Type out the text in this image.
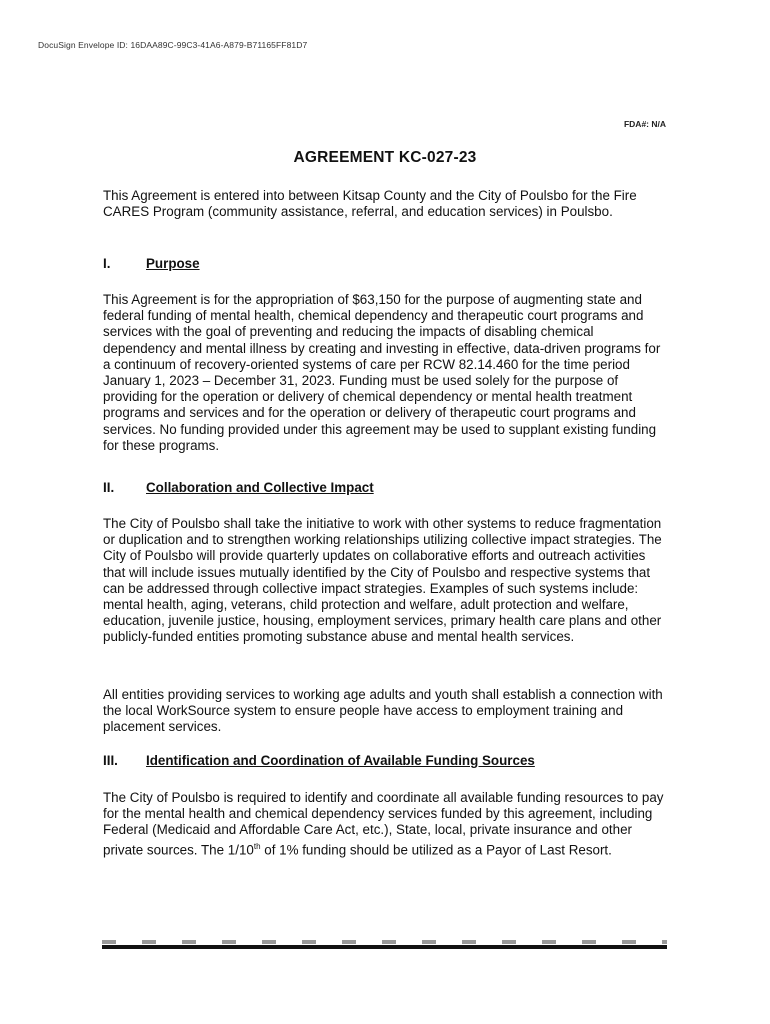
DocuSign Envelope ID: 16DAA89C-99C3-41A6-A879-B71165FF81D7
FDA#: N/A
AGREEMENT KC-027-23

This Agreement is entered into between Kitsap County and the City of Poulsbo for the Fire CARES Program (community assistance, referral, and education services) in Poulsbo.

I.	Purpose

This Agreement is for the appropriation of $63,150 for the purpose of augmenting state and federal funding of mental health, chemical dependency and therapeutic court programs and services with the goal of preventing and reducing the impacts of disabling chemical dependency and mental illness by creating and investing in effective, data-driven programs for a continuum of recovery-oriented systems of care per RCW 82.14.460 for the time period January 1, 2023 – December 31, 2023. Funding must be used solely for the purpose of providing for the operation or delivery of chemical dependency or mental health treatment programs and services and for the operation or delivery of therapeutic court programs and services. No funding provided under this agreement may be used to supplant existing funding for these programs.

II.	Collaboration and Collective Impact

The City of Poulsbo shall take the initiative to work with other systems to reduce fragmentation or duplication and to strengthen working relationships utilizing collective impact strategies. The City of Poulsbo will provide quarterly updates on collaborative efforts and outreach activities that will include issues mutually identified by the City of Poulsbo and respective systems that can be addressed through collective impact strategies. Examples of such systems include: mental health, aging, veterans, child protection and welfare, adult protection and welfare, education, juvenile justice, housing, employment services, primary health care plans and other publicly-funded entities promoting substance abuse and mental health services.

All entities providing services to working age adults and youth shall establish a connection with the local WorkSource system to ensure people have access to employment training and placement services.

III.	Identification and Coordination of Available Funding Sources

The City of Poulsbo is required to identify and coordinate all available funding resources to pay for the mental health and chemical dependency services funded by this agreement, including Federal (Medicaid and Affordable Care Act, etc.), State, local, private insurance and other private sources. The 1/10th of 1% funding should be utilized as a Payor of Last Resort.
